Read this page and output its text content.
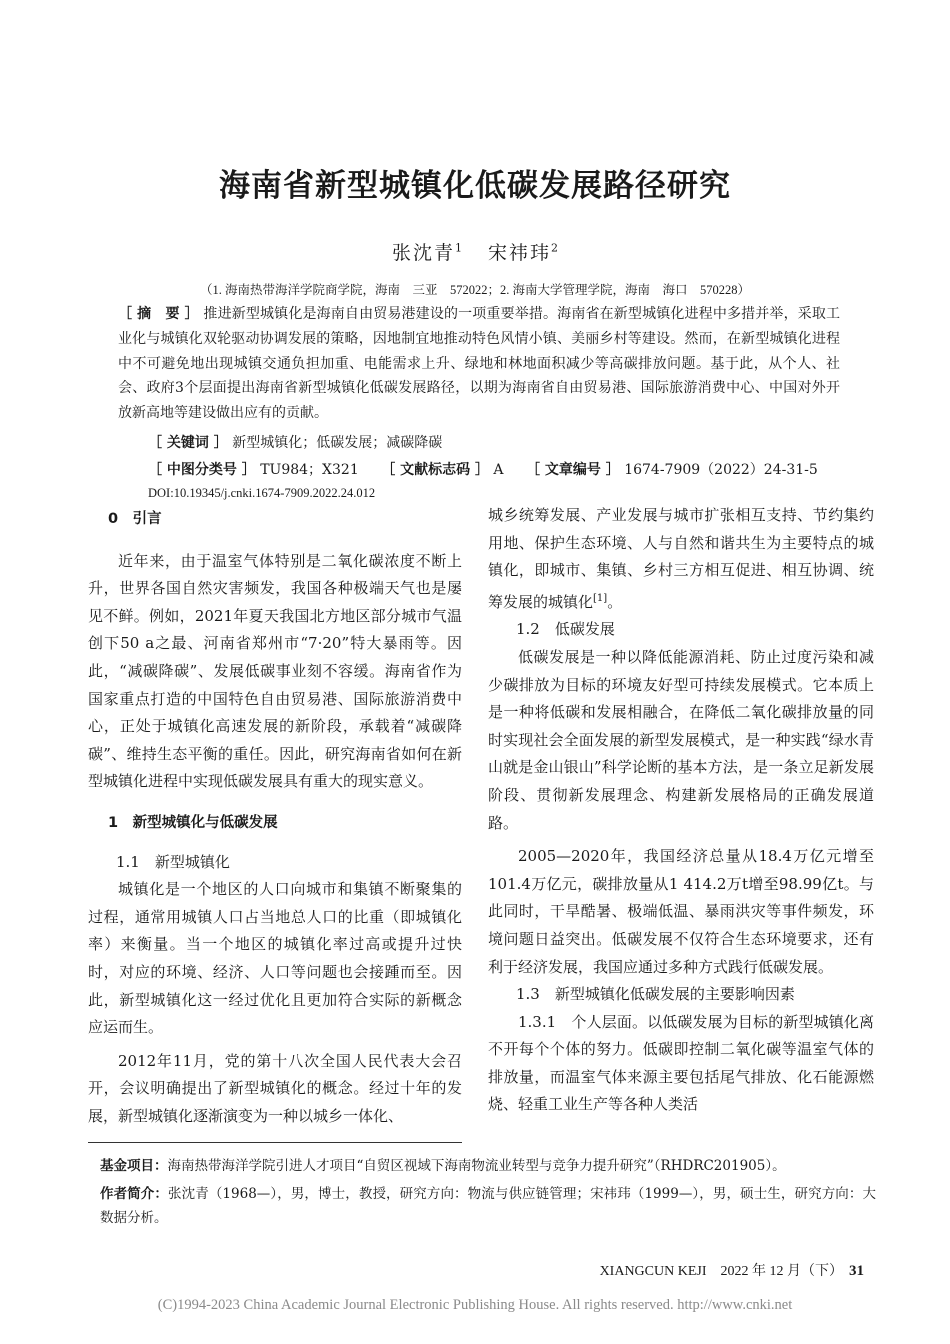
海南省新型城镇化低碳发展路径研究
张沈青$^1$ 宋祎玮$^2$
（1. 海南热带海洋学院商学院，海南　三亚　572022；2. 海南大学管理学院，海南　海口　570228）
［ 摘　要 ］ 推进新型城镇化是海南自由贸易港建设的一项重要举措。海南省在新型城镇化进程中多措并举，采取工业化与城镇化双轮驱动协调发展的策略，因地制宜地推动特色风情小镇、美丽乡村等建设。然而，在新型城镇化进程中不可避免地出现城镇交通负担加重、电能需求上升、绿地和林地面积减少等高碳排放问题。基于此，从个人、社会、政府3个层面提出海南省新型城镇化低碳发展路径，以期为海南省自由贸易港、国际旅游消费中心、中国对外开放新高地等建设做出应有的贡献。
［ 关键词 ］ 新型城镇化；低碳发展；减碳降碳
［ 中图分类号 ］ TU984；X321 ［ 文献标志码 ］ A ［ 文章编号 ］ 1674-7909（2022）24-31-5
DOI:10.19345/j.cnki.1674-7909.2022.24.012
0　引言

近年来，由于温室气体特别是二氧化碳浓度不断上升，世界各国自然灾害频发，我国各种极端天气也是屡见不鲜。例如，2021年夏天我国北方地区部分城市气温创下50 a之最、河南省郑州市“7·20”特大暴雨等。因此，“减碳降碳”、发展低碳事业刻不容缓。海南省作为国家重点打造的中国特色自由贸易港、国际旅游消费中心，正处于城镇化高速发展的新阶段，承载着“减碳降碳”、维持生态平衡的重任。因此，研究海南省如何在新型城镇化进程中实现低碳发展具有重大的现实意义。

1　新型城镇化与低碳发展
1.1　新型城镇化

城镇化是一个地区的人口向城市和集镇不断聚集的过程，通常用城镇人口占当地总人口的比重（即城镇化率）来衡量。当一个地区的城镇化率过高或提升过快时，对应的环境、经济、人口等问题也会接踵而至。因此，新型城镇化这一经过优化且更加符合实际的新概念应运而生。

2012年11月，党的第十八次全国人民代表大会召开，会议明确提出了新型城镇化的概念。经过十年的发展，新型城镇化逐渐演变为一种以城乡一体化、

城乡统筹发展、产业发展与城市扩张相互支持、节约集约用地、保护生态环境、人与自然和谐共生为主要特点的城镇化，即城市、集镇、乡村三方相互促进、相互协调、统筹发展的城镇化[1]。

1.2　低碳发展

低碳发展是一种以降低能源消耗、防止过度污染和减少碳排放为目标的环境友好型可持续发展模式。它本质上是一种将低碳和发展相融合，在降低二氧化碳排放量的同时实现社会全面发展的新型发展模式，是一种实践“绿水青山就是金山银山”科学论断的基本方法，是一条立足新发展阶段、贯彻新发展理念、构建新发展格局的正确发展道路。

2005—2020年，我国经济总量从18.4万亿元增至101.4万亿元，碳排放量从1 414.2万t增至98.99亿t。与此同时，干旱酷暑、极端低温、暴雨洪灾等事件频发，环境问题日益突出。低碳发展不仅符合生态环境要求，还有利于经济发展，我国应通过多种方式践行低碳发展。

1.3　新型城镇化低碳发展的主要影响因素

1.3.1　个人层面。以低碳发展为目标的新型城镇化离不开每个个体的努力。低碳即控制二氧化碳等温室气体的排放量，而温室气体来源主要包括尾气排放、化石能源燃烧、轻重工业生产等各种人类活

基金项目：海南热带海洋学院引进人才项目“自贸区视域下海南物流业转型与竞争力提升研究”（RHDRC201905）。

作者简介：张沈青（1968—），男，博士，教授，研究方向：物流与供应链管理；宋祎玮（1999—），男，硕士生，研究方向：大数据分析。

XIANGCUN KEJI　2022 年 12 月（下） 31
(C)1994-2023 China Academic Journal Electronic Publishing House. All rights reserved. http://www.cnki.net
